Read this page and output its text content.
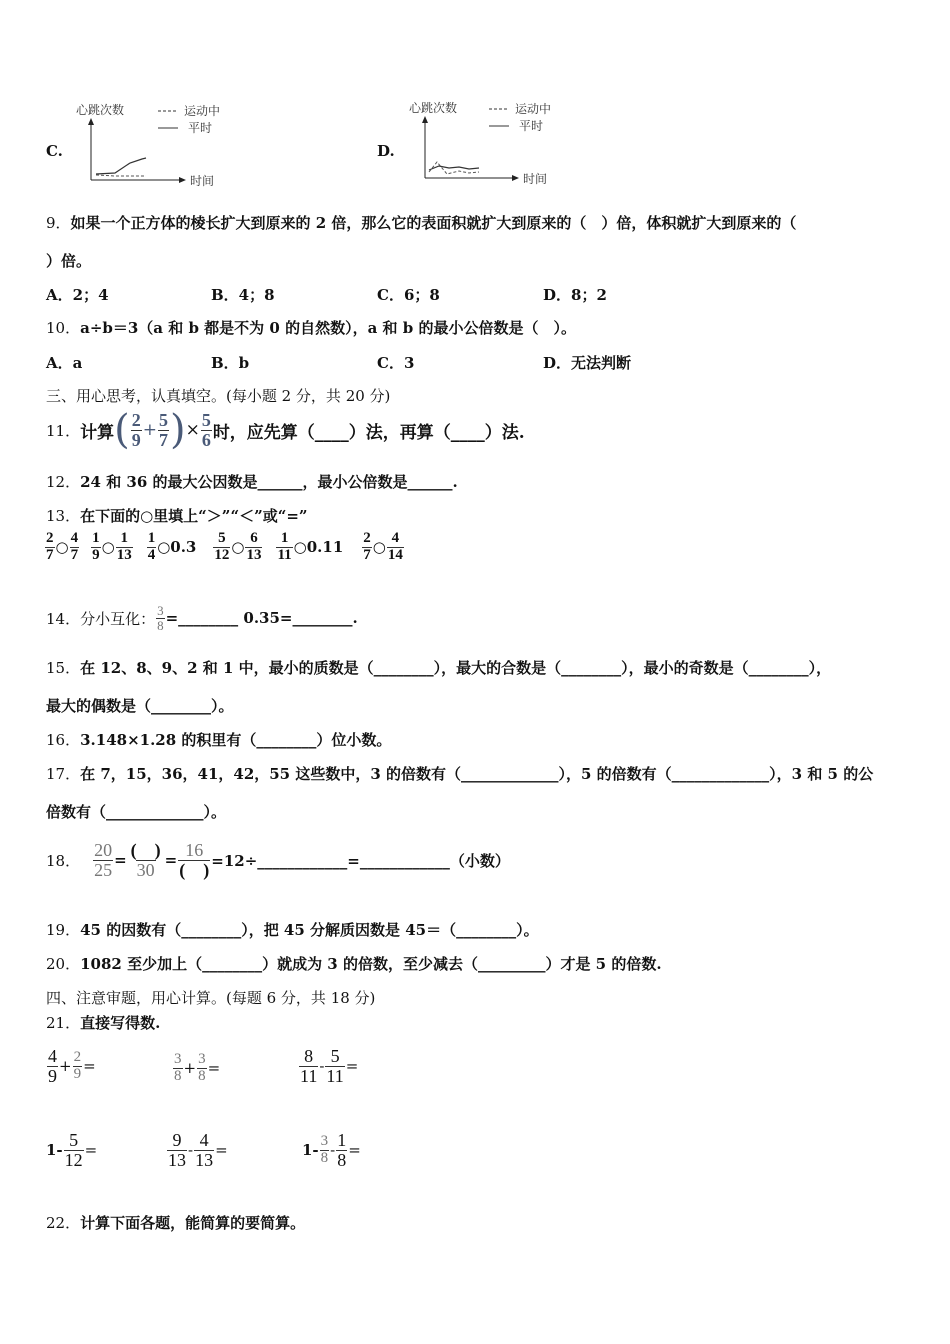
C.
心跳次数	运动中
平时
时间
D.
心跳次数	运动中
平时
时间
9．如果一个正方体的棱长扩大到原来的 2 倍，那么它的表面积就扩大到原来的（　）倍，体积就扩大到原来的（
）倍。
A．2；4	B．4；8	C．6；8	D．8；2
10．a÷b＝3（a 和 b 都是不为 0 的自然数），a 和 b 的最小公倍数是（　）。
A．a	B．b	C．3	D．无法判断
三、用心思考，认真填空。(每小题 2 分，共 20 分)
11． 计算 ( $\frac{2}{9} + \frac{5}{7}$ ) × $\frac{5}{6}$ 时，应先算（____）法，再算（____）法.
12．24 和 36 的最大公因数是______，最小公倍数是______.
13．在下面的○里填上“＞”“＜”或“=”
$\frac{2}{7}$ ○ $\frac{4}{7} \frac{1}{9}$ ○ $\frac{1}{13} \frac{1}{4}$ ○0.3 $\frac{5}{12}$ ○ $\frac{6}{13} \frac{1}{11}$ ○0.11 $\frac{2}{7}$ ○ $\frac{4}{14}$
14． 分小互化： $\frac{3}{8}$ =________ 0.35=________.
15．在 12、8、9、2 和 1 中，最小的质数是（________），最大的合数是（________），最小的奇数是（________），
最大的偶数是（________）。
16．3.148×1.28 的积里有（________）位小数。
17．在 7，15，36，41，42，55 这些数中，3 的倍数有（_____________），5 的倍数有（_____________），3 和 5 的公
倍数有（_____________）。
18． $\frac{20}{25} = \frac{( )}{30} = \frac{16}{( )}$ =12÷____________=____________（小数）
19．45 的因数有（________），把 45 分解质因数是 45＝（________）。
20．1082 至少加上（________）就成为 3 的倍数，至少减去（_________）才是 5 的倍数.
四、注意审题，用心计算。(每题 6 分，共 18 分)
21．直接写得数.
$\frac{4}{9} + \frac{2}{9}$ =	$\frac{3}{8} + \frac{3}{8}$ =	$\frac{8}{11} - \frac{5}{11}$ =
$1- \frac{5}{12}$ =	$\frac{9}{13} - \frac{4}{13}$ =	$1- \frac{3}{8} - \frac{1}{8}$ =
22．计算下面各题，能简算的要简算。
